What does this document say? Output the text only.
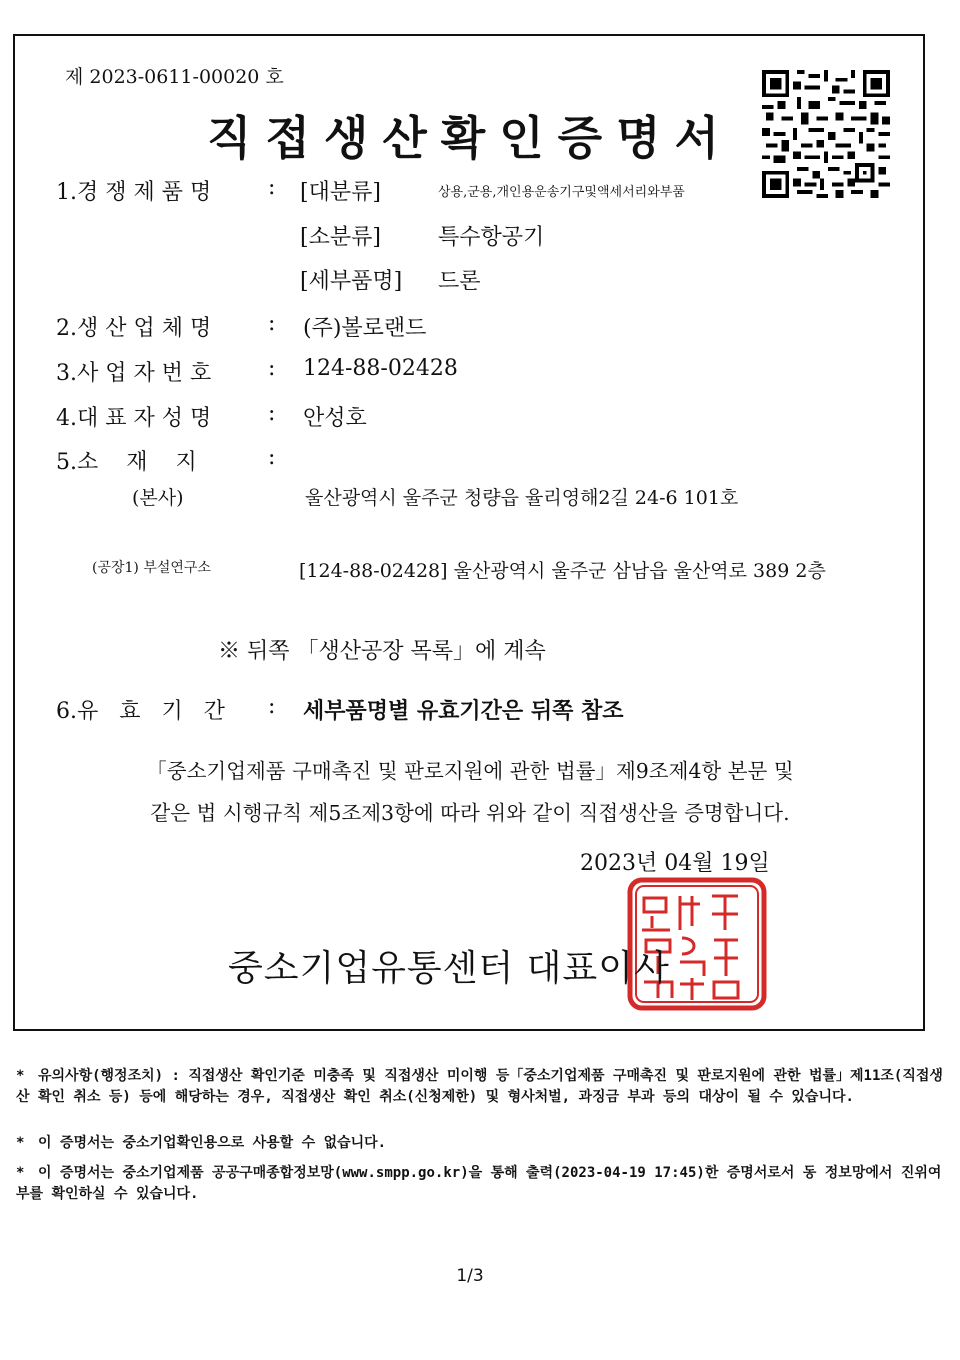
제 2023-0611-00020 호
직접생산확인증명서
1.경 쟁 제 품 명	: [대분류]	상용,군용,개인용운송기구및액세서리와부품
[소분류]	특수항공기
[세부품명] 드론
2.생 산 업 체 명	: (주)볼로랜드
3.사 업 자 번 호	: 124-88-02428
4.대 표 자 성 명	: 안성호
5.소    재    지	:
(본사)	울산광역시 울주군 청량읍 율리영해2길 24-6 101호
(공장1) 부설연구소	[124-88-02428] 울산광역시 울주군 삼남읍 울산역로 389 2층
※ 뒤쪽 「생산공장 목록」에 계속
6.유   효   기   간 : 세부품명별 유효기간은 뒤쪽 참조
「중소기업제품 구매촉진 및 판로지원에 관한 법률」제9조제4항 본문 및
같은 법 시행규칙 제5조제3항에 따라 위와 같이 직접생산을 증명합니다.
2023년 04월 19일
중소기업유통센터 대표이사
* 유의사항(행정조치) : 직접생산 확인기준 미충족 및 직접생산 미이행 등「중소기업제품 구매촉진 및 판로지원에 관한 법률」제11조(직접생산 확인 취소 등) 등에 해당하는 경우, 직접생산 확인 취소(신청제한) 및 형사처벌, 과징금 부과 등의 대상이 될 수 있습니다.
* 이 증명서는 중소기업확인용으로 사용할 수 없습니다.
* 이 증명서는 중소기업제품 공공구매종합정보망(www.smpp.go.kr)을 통해 출력(2023-04-19 17:45)한 증명서로서 동 정보망에서 진위여부를 확인하실 수 있습니다.
1/3
